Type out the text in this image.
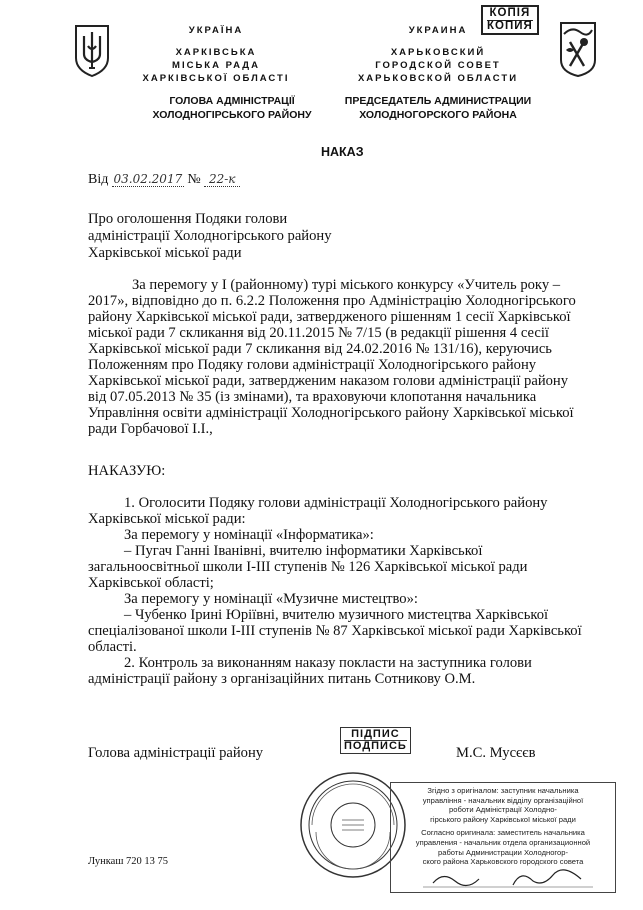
УКРАЇНА
ХАРКІВСЬКА
МІСЬКА РАДА
ХАРКІВСЬКОЇ ОБЛАСТІ
УКРАИНА
ХАРЬКОВСКИЙ
ГОРОДСКОЙ СОВЕТ
ХАРЬКОВСКОЙ ОБЛАСТИ
КОПІЯ
КОПИЯ
ГОЛОВА АДМІНІСТРАЦІЇ
ХОЛОДНОГІРСЬКОГО РАЙОНУ
ПРЕДСЕДАТЕЛЬ АДМИНИСТРАЦИИ
ХОЛОДНОГОРСКОГО РАЙОНА
НАКАЗ
Від 03.02.2017 № 22-к
Про оголошення Подяки голови
адміністрації Холодногірського району
Харківської міської ради
За перемогу у I (районному) турі міського конкурсу «Учитель року –
2017», відповідно до п. 6.2.2 Положення про Адміністрацію Холодногірського
району Харківської міської ради, затвердженого рішенням 1 сесії Харківської
міської ради 7 скликання від 20.11.2015 № 7/15 (в редакції рішення 4 сесії
Харківської міської ради 7 скликання від 24.02.2016 № 131/16), керуючись
Положенням про Подяку голови адміністрації Холодногірського району
Харківської міської ради, затвердженим наказом голови адміністрації району
від 07.05.2013 № 35 (із змінами), та враховуючи клопотання начальника
Управління освіти адміністрації Холодногірського району Харківської міської
ради Горбачової І.І.,
НАКАЗУЮ:
1. Оголосити Подяку голови адміністрації Холодногірського району
Харківської міської ради:
За перемогу у номінації «Інформатика»:
– Пугач Ганні Іванівні, вчителю інформатики Харківської
загальноосвітньої школи I-III ступенів № 126 Харківської міської ради
Харківської області;
За перемогу у номінації «Музичне мистецтво»:
– Чубенко Ірині Юріївні, вчителю музичного мистецтва Харківської
спеціалізованої школи I-III ступенів № 87 Харківської міської ради Харківської
області.
2. Контроль за виконанням наказу покласти на заступника голови
адміністрації району з організаційних питань Сотникову О.М.
Голова адміністрації району
ПІДПИС
ПОДПИСЬ	М.С. Мусєєв
Згідно з оригіналом: заступник начальника
управління - начальник відділу організаційної
роботи Адміністрації Холодно-
гірського району Харківської міської ради
Согласно оригинала: заместитель начальника
управления - начальник отдела организационной
работы Администрации Холодногор-
ского района Харьковского городского совета
Лункаш 720 13 75
